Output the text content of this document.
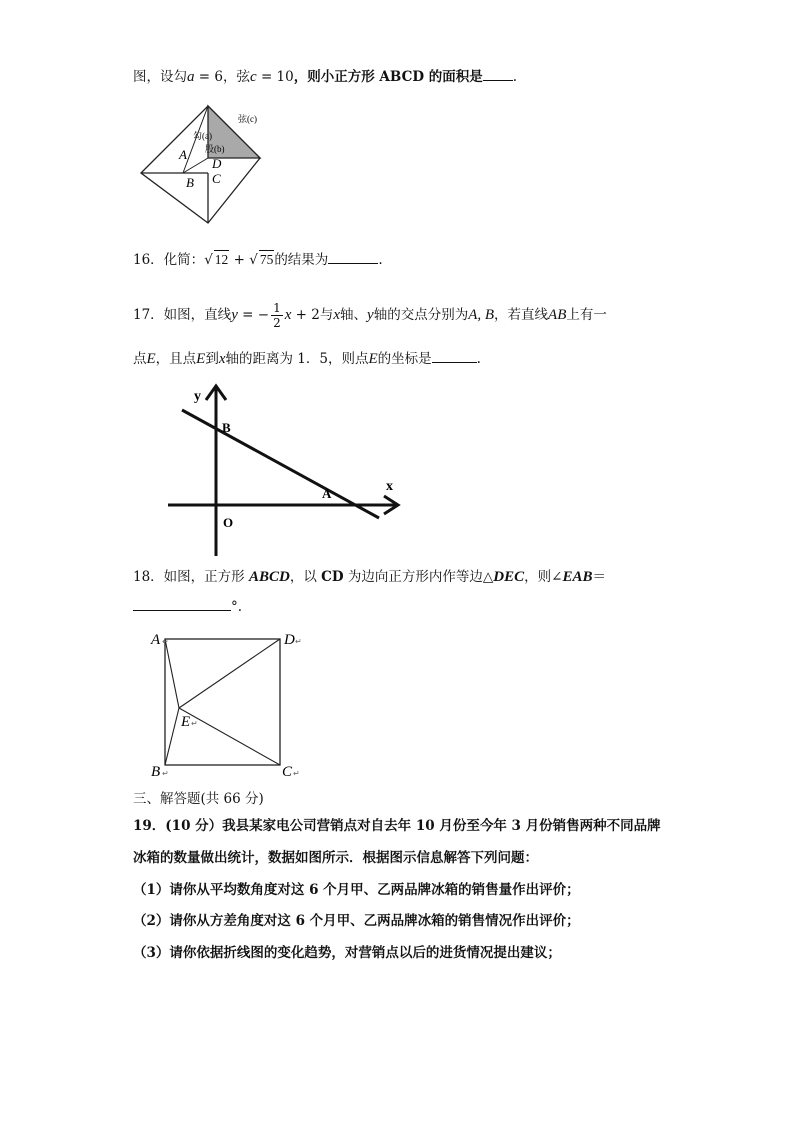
图，设勾a = 6，弦c = 10，则小正方形 ABCD 的面积是 .
弦(c)
勾(a)
股(b)
A
D
C
B
16．化简：√ 12 + √ 75的结果为	.
17．如图，直线y = − $\frac{1}{2}$ x + 2与x轴、y轴的交点分别为A, B，若直线AB上有一
点E，且点E到x轴的距离为 1．5，则点E的坐标是	.
y
x
B
A
O
18．如图，正方形 ABCD，以 CD 为边向正方形内作等边△DEC，则∠EAB＝
°.
A ↵	D ↵
E ↵
B ↵	C ↵
三、解答题(共 66 分)
19．(10 分）我县某家电公司营销点对自去年 10 月份至今年 3 月份销售两种不同品牌
冰箱的数量做出统计，数据如图所示．根据图示信息解答下列问题：
（1）请你从平均数角度对这 6 个月甲、乙两品牌冰箱的销售量作出评价；
（2）请你从方差角度对这 6 个月甲、乙两品牌冰箱的销售情况作出评价；
（3）请你依据折线图的变化趋势，对营销点以后的进货情况提出建议；
